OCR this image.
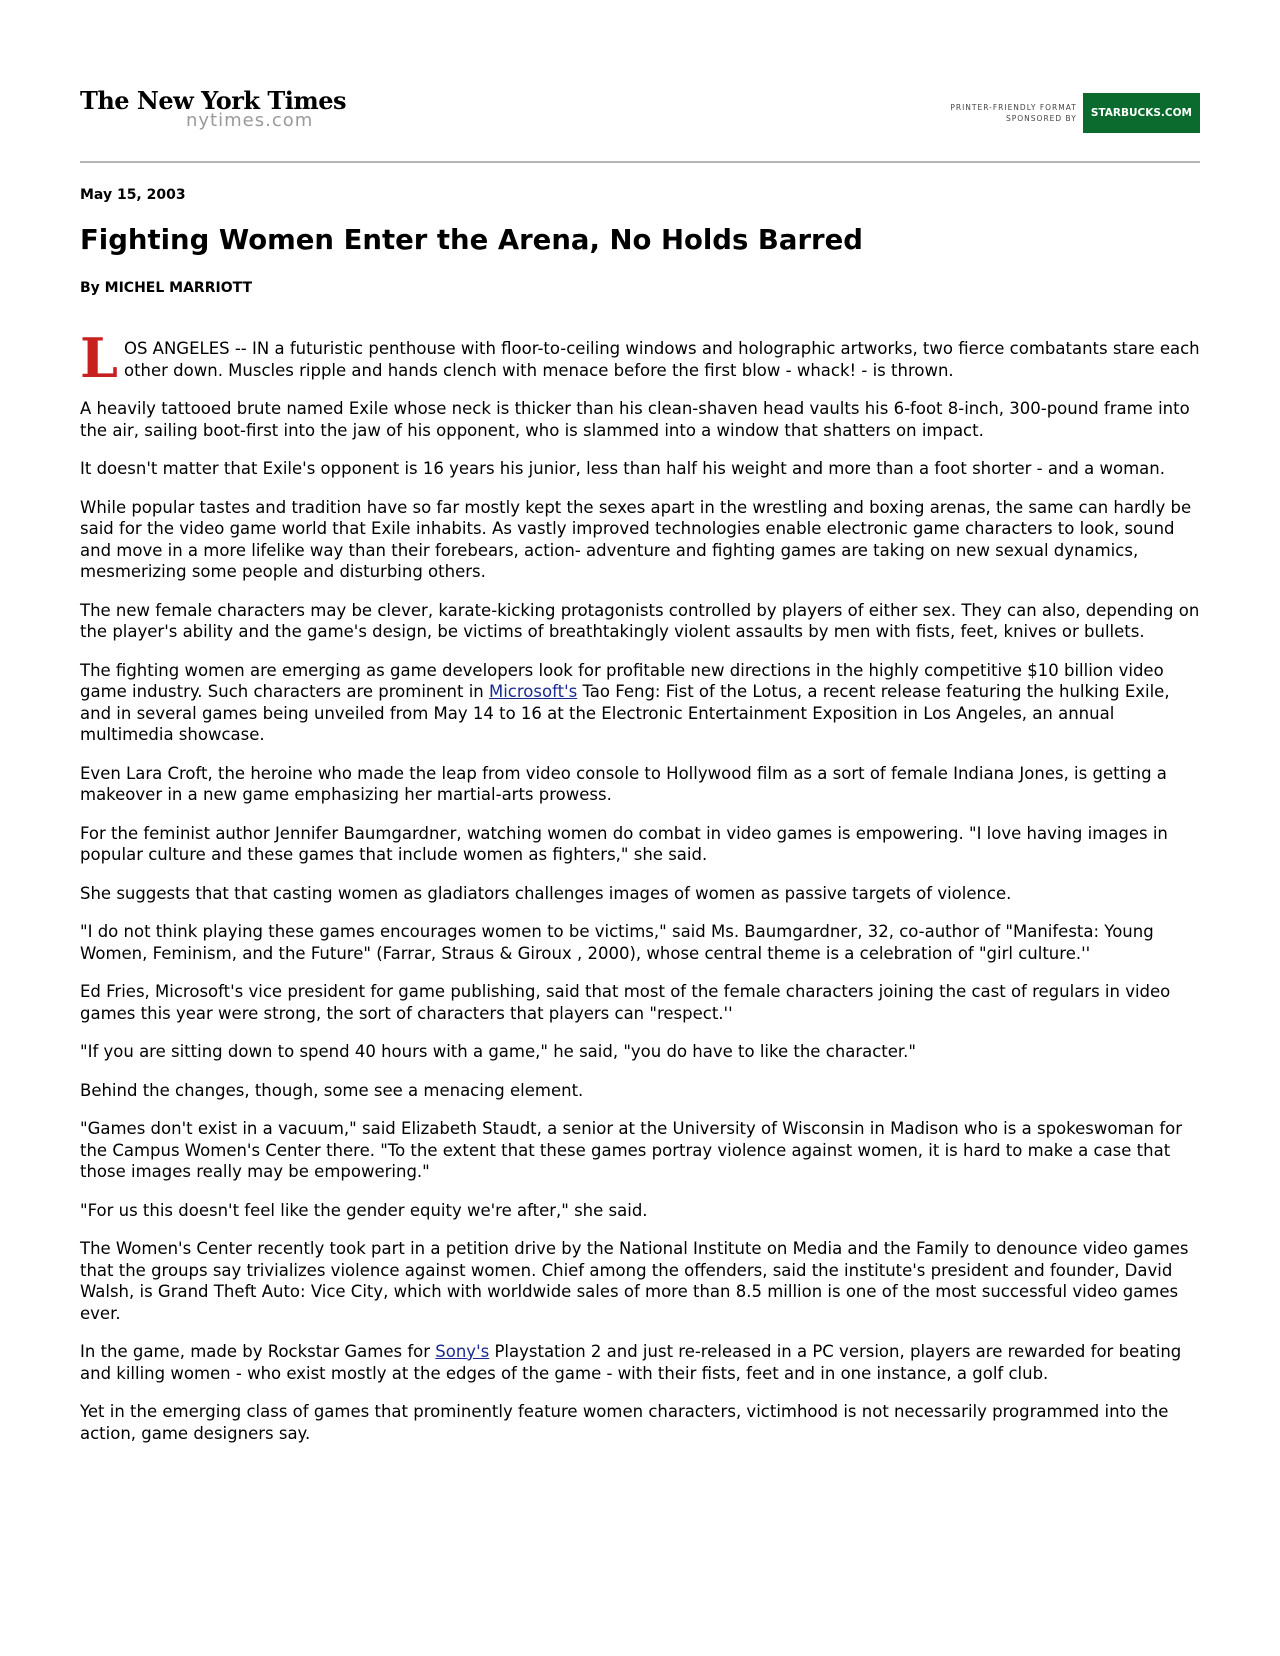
The New York Times
nytimes.com
PRINTER-FRIENDLY FORMAT
SPONSORED BY	STARBUCKS.COM
May 15, 2003
Fighting Women Enter the Arena, No Holds Barred
By MICHEL MARRIOTT

LOS ANGELES -- IN a futuristic penthouse with floor-to-ceiling windows and holographic artworks, two fierce combatants stare each other down. Muscles ripple and hands clench with menace before the first blow - whack! - is thrown.

A heavily tattooed brute named Exile whose neck is thicker than his clean-shaven head vaults his 6-foot 8-inch, 300-pound frame into the air, sailing boot-first into the jaw of his opponent, who is slammed into a window that shatters on impact.

It doesn't matter that Exile's opponent is 16 years his junior, less than half his weight and more than a foot shorter - and a woman.

While popular tastes and tradition have so far mostly kept the sexes apart in the wrestling and boxing arenas, the same can hardly be said for the video game world that Exile inhabits. As vastly improved technologies enable electronic game characters to look, sound and move in a more lifelike way than their forebears, action- adventure and fighting games are taking on new sexual dynamics, mesmerizing some people and disturbing others.

The new female characters may be clever, karate-kicking protagonists controlled by players of either sex. They can also, depending on the player's ability and the game's design, be victims of breathtakingly violent assaults by men with fists, feet, knives or bullets.

The fighting women are emerging as game developers look for profitable new directions in the highly competitive $10 billion video game industry. Such characters are prominent in Microsoft's Tao Feng: Fist of the Lotus, a recent release featuring the hulking Exile, and in several games being unveiled from May 14 to 16 at the Electronic Entertainment Exposition in Los Angeles, an annual multimedia showcase.

Even Lara Croft, the heroine who made the leap from video console to Hollywood film as a sort of female Indiana Jones, is getting a makeover in a new game emphasizing her martial-arts prowess.

For the feminist author Jennifer Baumgardner, watching women do combat in video games is empowering. "I love having images in popular culture and these games that include women as fighters," she said.

She suggests that that casting women as gladiators challenges images of women as passive targets of violence.

"I do not think playing these games encourages women to be victims," said Ms. Baumgardner, 32, co-author of "Manifesta: Young Women, Feminism, and the Future" (Farrar, Straus & Giroux , 2000), whose central theme is a celebration of "girl culture.''

Ed Fries, Microsoft's vice president for game publishing, said that most of the female characters joining the cast of regulars in video games this year were strong, the sort of characters that players can "respect.''

"If you are sitting down to spend 40 hours with a game," he said, "you do have to like the character."

Behind the changes, though, some see a menacing element.

"Games don't exist in a vacuum," said Elizabeth Staudt, a senior at the University of Wisconsin in Madison who is a spokeswoman for the Campus Women's Center there. "To the extent that these games portray violence against women, it is hard to make a case that those images really may be empowering."

"For us this doesn't feel like the gender equity we're after," she said.

The Women's Center recently took part in a petition drive by the National Institute on Media and the Family to denounce video games that the groups say trivializes violence against women. Chief among the offenders, said the institute's president and founder, David Walsh, is Grand Theft Auto: Vice City, which with worldwide sales of more than 8.5 million is one of the most successful video games ever.

In the game, made by Rockstar Games for Sony's Playstation 2 and just re-released in a PC version, players are rewarded for beating and killing women - who exist mostly at the edges of the game - with their fists, feet and in one instance, a golf club.

Yet in the emerging class of games that prominently feature women characters, victimhood is not necessarily programmed into the action, game designers say.
